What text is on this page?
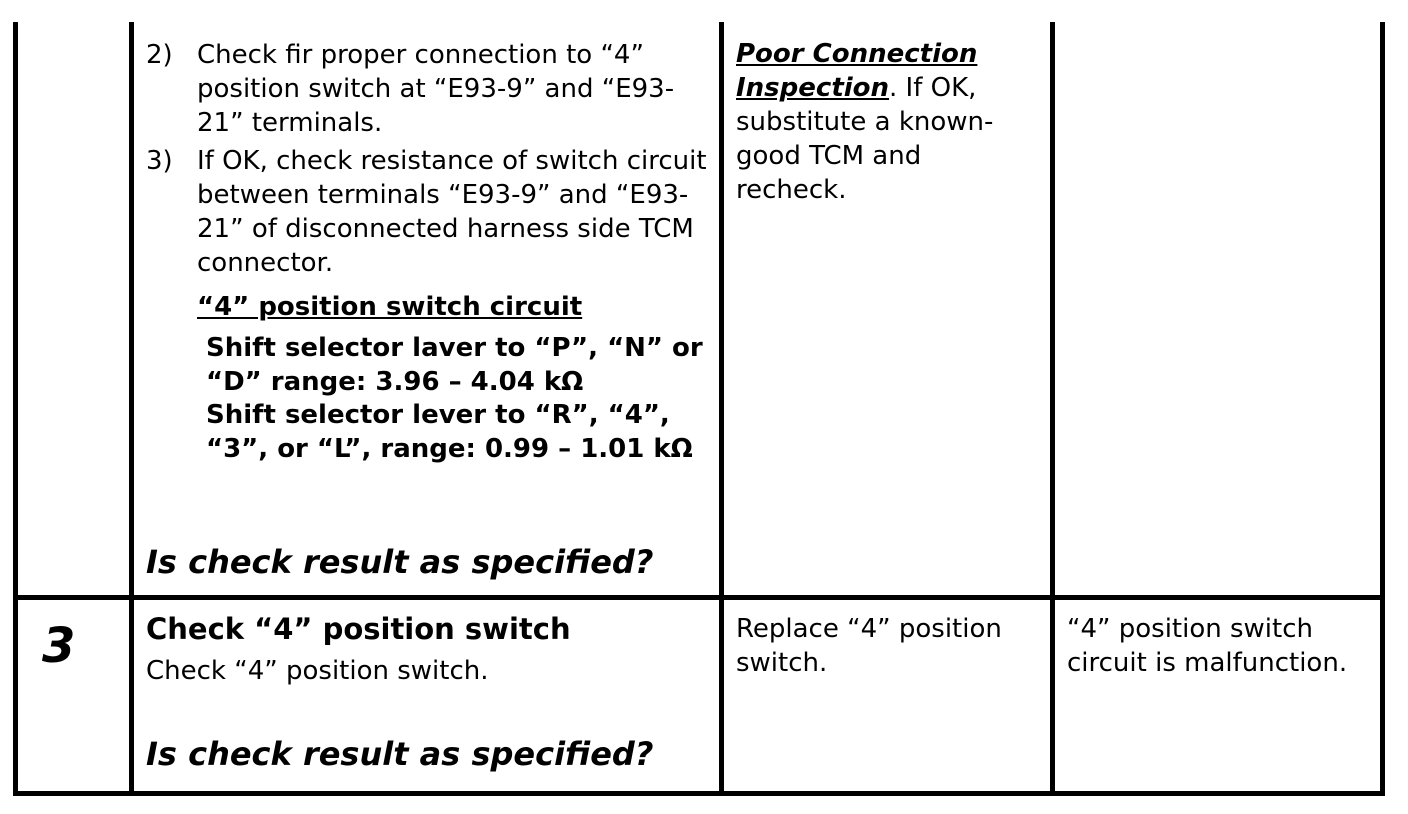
2) Check fir proper connection to “4” position switch at “E93-9” and “E93-21” terminals.
3) If OK, check resistance of switch circuit between terminals “E93-9” and “E93-21” of disconnected harness side TCM connector.
“4” position switch circuit
Shift selector laver to “P”, “N” or “D” range: 3.96 – 4.04 kΩ
Shift selector lever to “R”, “4”, “3”, or “L”, range: 0.99 – 1.01 kΩ
Is check result as specified?
Poor Connection Inspection. If OK, substitute a known-good TCM and recheck.
3	Check “4” position switch
Check “4” position switch.
Is check result as specified?
Replace “4” position switch.
“4” position switch circuit is malfunction.
